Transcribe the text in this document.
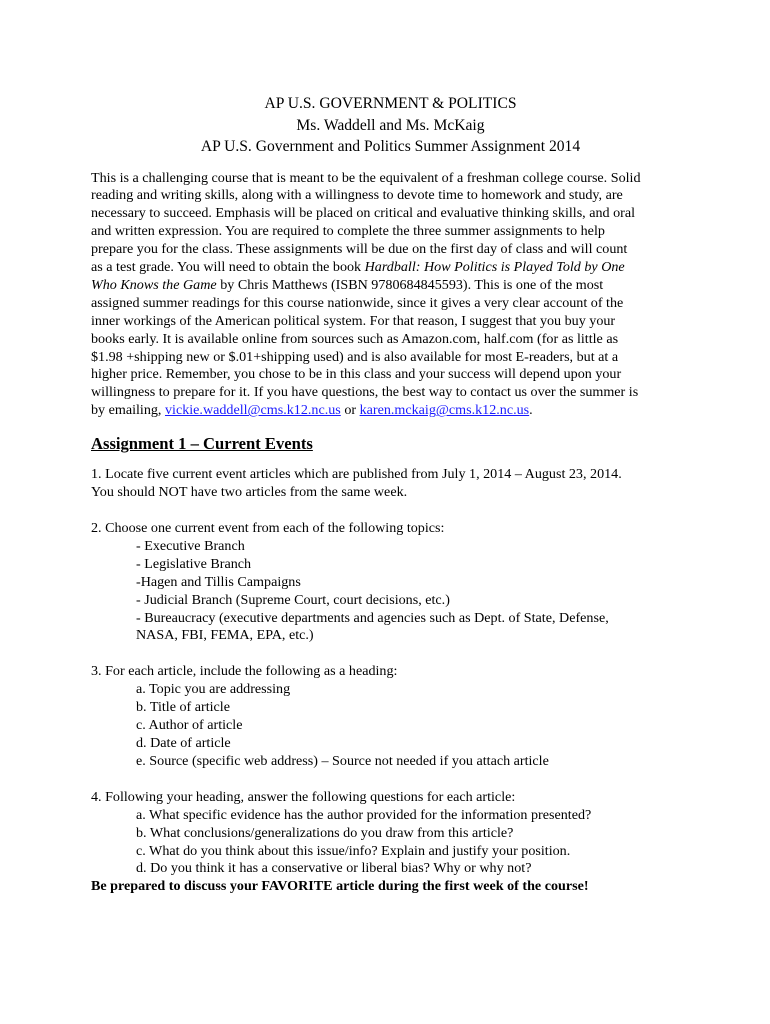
AP U.S. GOVERNMENT & POLITICS
Ms. Waddell and Ms. McKaig
AP U.S. Government and Politics Summer Assignment 2014

This is a challenging course that is meant to be the equivalent of a freshman college course. Solid
reading and writing skills, along with a willingness to devote time to homework and study, are
necessary to succeed. Emphasis will be placed on critical and evaluative thinking skills, and oral
and written expression. You are required to complete the three summer assignments to help
prepare you for the class. These assignments will be due on the first day of class and will count
as a test grade. You will need to obtain the book Hardball: How Politics is Played Told by One
Who Knows the Game by Chris Matthews (ISBN 9780684845593). This is one of the most
assigned summer readings for this course nationwide, since it gives a very clear account of the
inner workings of the American political system. For that reason, I suggest that you buy your
books early. It is available online from sources such as Amazon.com, half.com (for as little as
$1.98 +shipping new or $.01+shipping used) and is also available for most E-readers, but at a
higher price. Remember, you chose to be in this class and your success will depend upon your
willingness to prepare for it. If you have questions, the best way to contact us over the summer is
by emailing, vickie.waddell@cms.k12.nc.us or karen.mckaig@cms.k12.nc.us.

Assignment 1 – Current Events
1. Locate five current event articles which are published from July 1, 2014 – August 23, 2014.
You should NOT have two articles from the same week.
2. Choose one current event from each of the following topics:
- Executive Branch
- Legislative Branch
-Hagen and Tillis Campaigns
- Judicial Branch (Supreme Court, court decisions, etc.)
- Bureaucracy (executive departments and agencies such as Dept. of State, Defense,
NASA, FBI, FEMA, EPA, etc.)
3. For each article, include the following as a heading:
a. Topic you are addressing
b. Title of article
c. Author of article
d. Date of article
e. Source (specific web address) – Source not needed if you attach article
4. Following your heading, answer the following questions for each article:
a. What specific evidence has the author provided for the information presented?
b. What conclusions/generalizations do you draw from this article?
c. What do you think about this issue/info? Explain and justify your position.
d. Do you think it has a conservative or liberal bias? Why or why not?
Be prepared to discuss your FAVORITE article during the first week of the course!
